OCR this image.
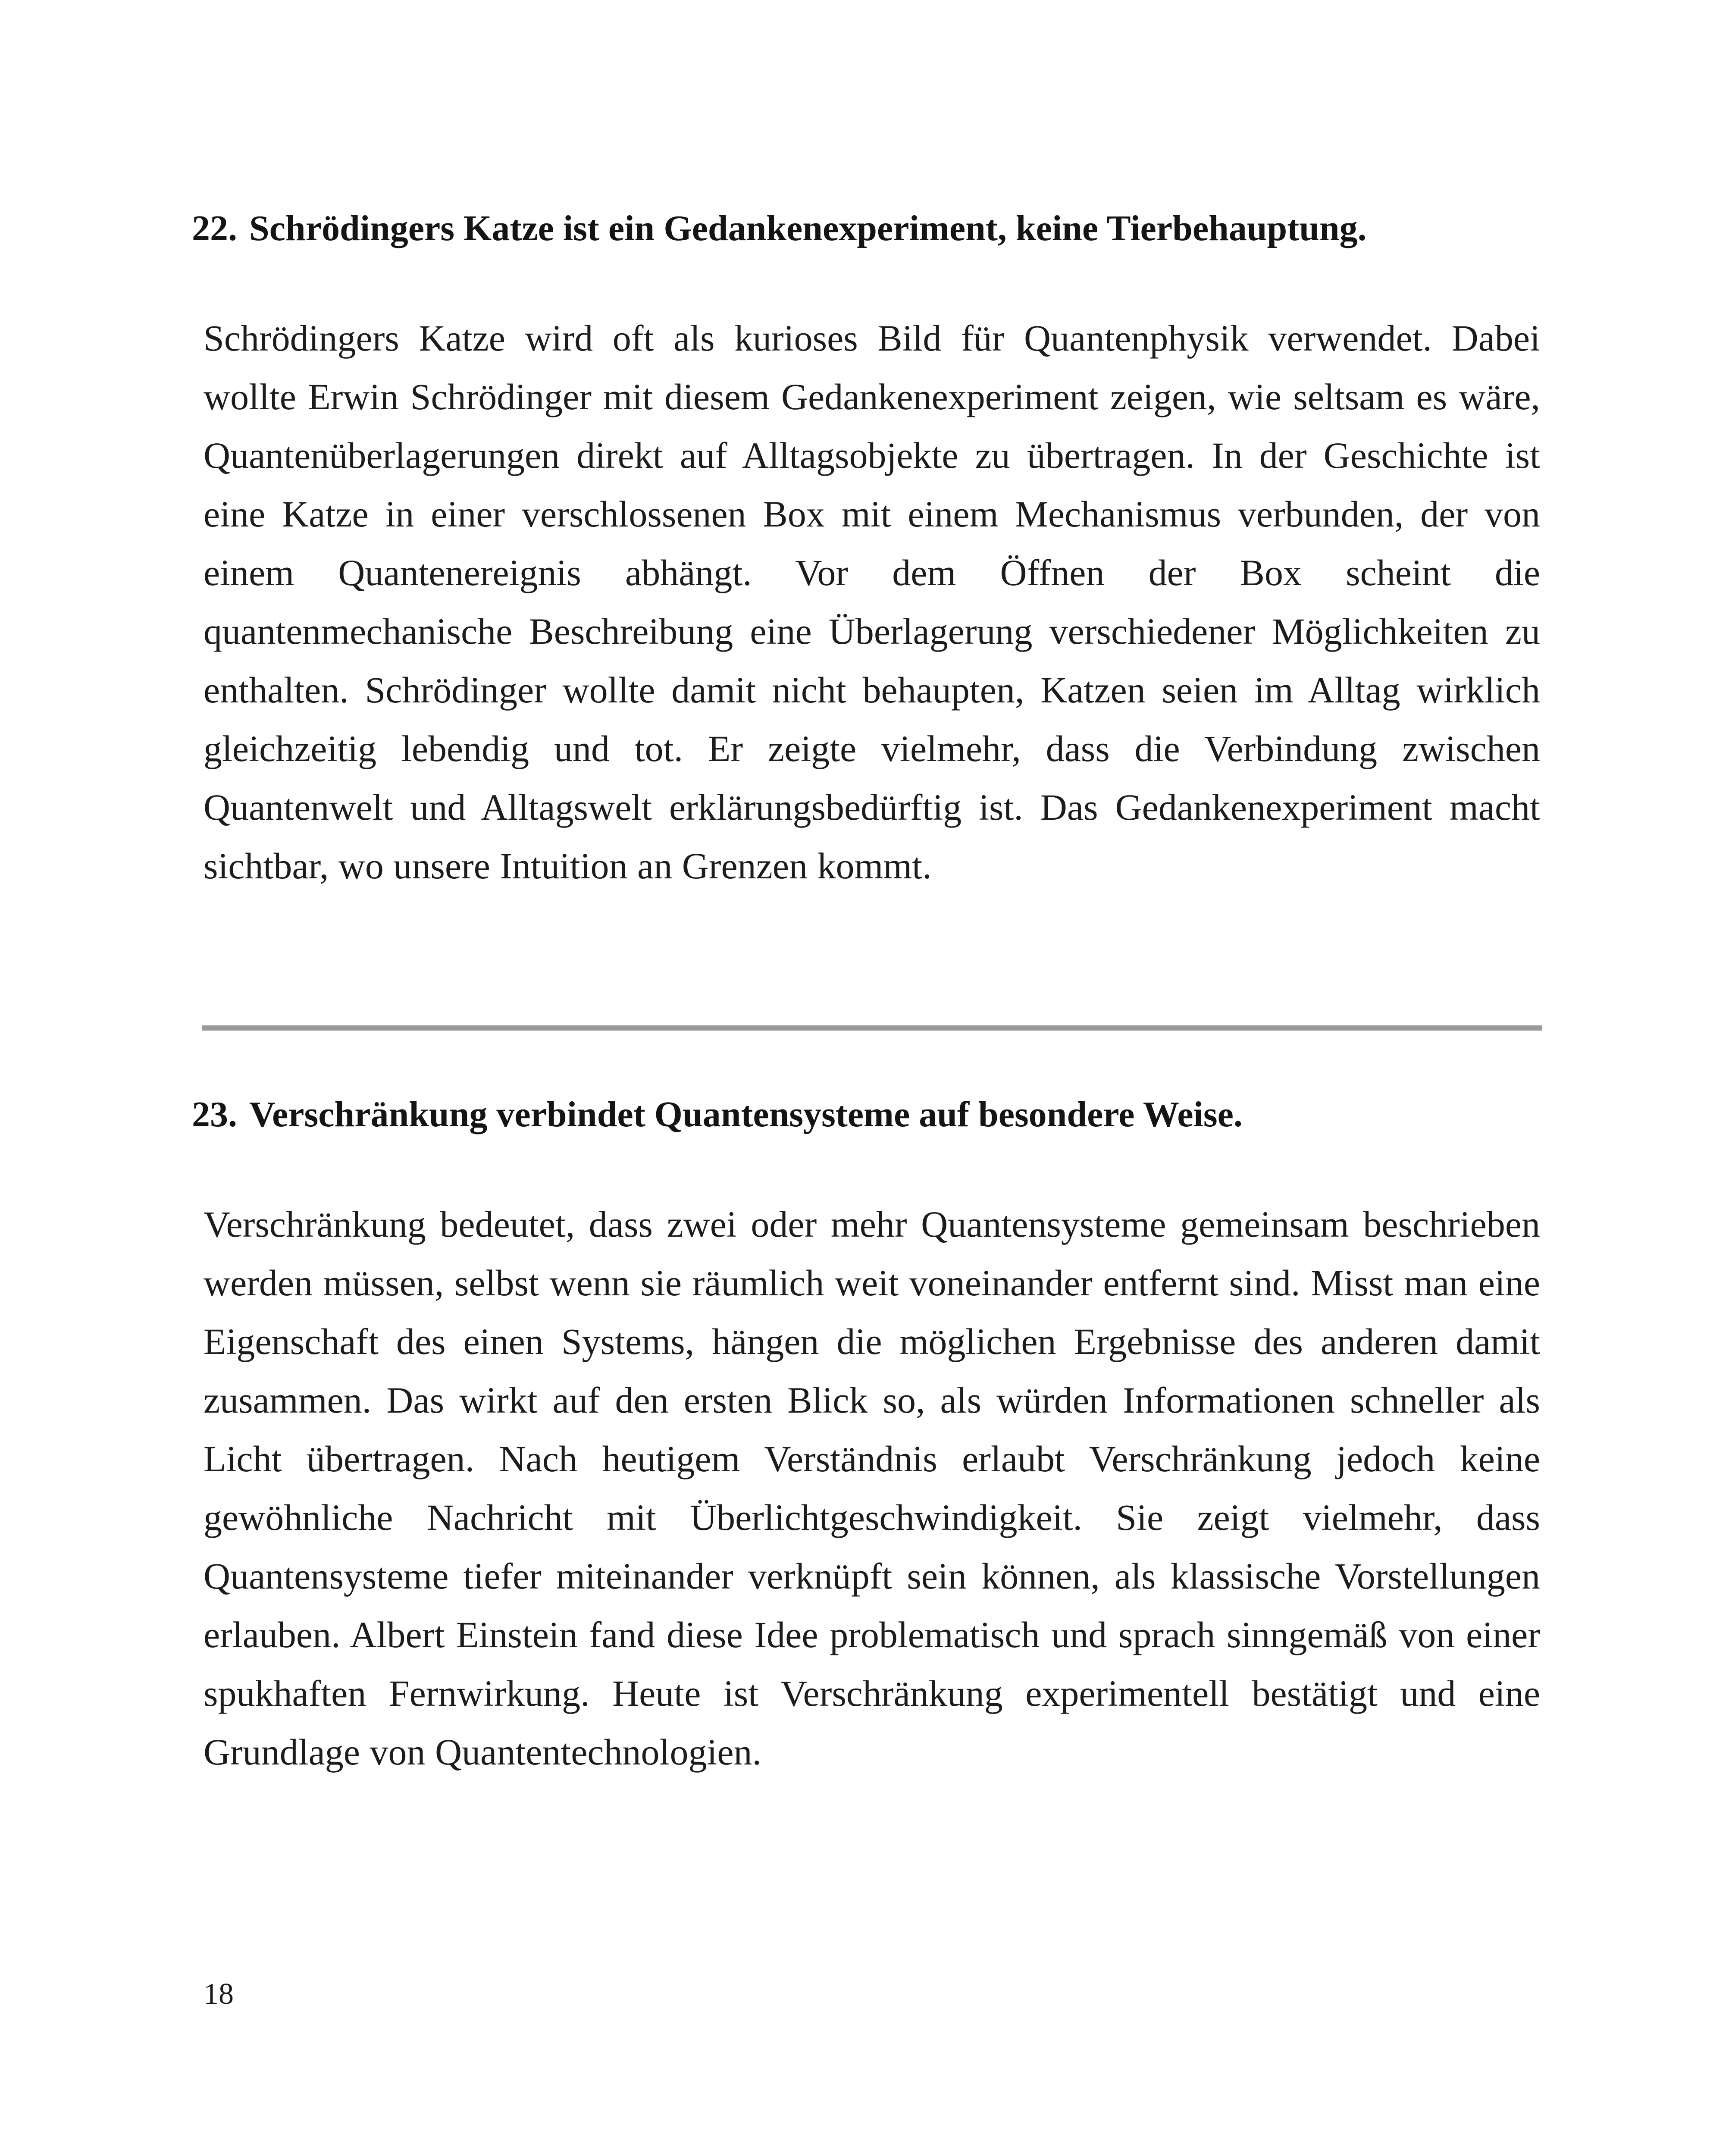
22. Schrödingers Katze ist ein Gedankenexperiment, keine Tierbehauptung.

Schrödingers Katze wird oft als kurioses Bild für Quantenphysik verwendet. Dabei wollte Erwin Schrödinger mit diesem Gedankenexperiment zeigen, wie seltsam es wäre, Quantenüberlagerungen direkt auf Alltagsobjekte zu übertragen. In der Geschichte ist eine Katze in einer verschlossenen Box mit einem Mechanismus verbunden, der von einem Quantenereignis abhängt. Vor dem Öffnen der Box scheint die quantenmechanische Beschreibung eine Überlagerung verschiedener Möglichkeiten zu enthalten. Schrödinger wollte damit nicht behaupten, Katzen seien im Alltag wirklich gleichzeitig lebendig und tot. Er zeigte vielmehr, dass die Verbindung zwischen Quantenwelt und Alltagswelt erklärungsbedürftig ist. Das Gedankenexperiment macht sichtbar, wo unsere Intuition an Grenzen kommt.

23. Verschränkung verbindet Quantensysteme auf besondere Weise.

Verschränkung bedeutet, dass zwei oder mehr Quantensysteme gemeinsam beschrieben werden müssen, selbst wenn sie räumlich weit voneinander entfernt sind. Misst man eine Eigenschaft des einen Systems, hängen die möglichen Ergebnisse des anderen damit zusammen. Das wirkt auf den ersten Blick so, als würden Informationen schneller als Licht übertragen. Nach heutigem Verständnis erlaubt Verschränkung jedoch keine gewöhnliche Nachricht mit Überlichtgeschwindigkeit. Sie zeigt vielmehr, dass Quantensysteme tiefer miteinander verknüpft sein können, als klassische Vorstellungen erlauben. Albert Einstein fand diese Idee problematisch und sprach sinngemäß von einer spukhaften Fernwirkung. Heute ist Verschränkung experimentell bestätigt und eine Grundlage von Quantentechnologien.

18
